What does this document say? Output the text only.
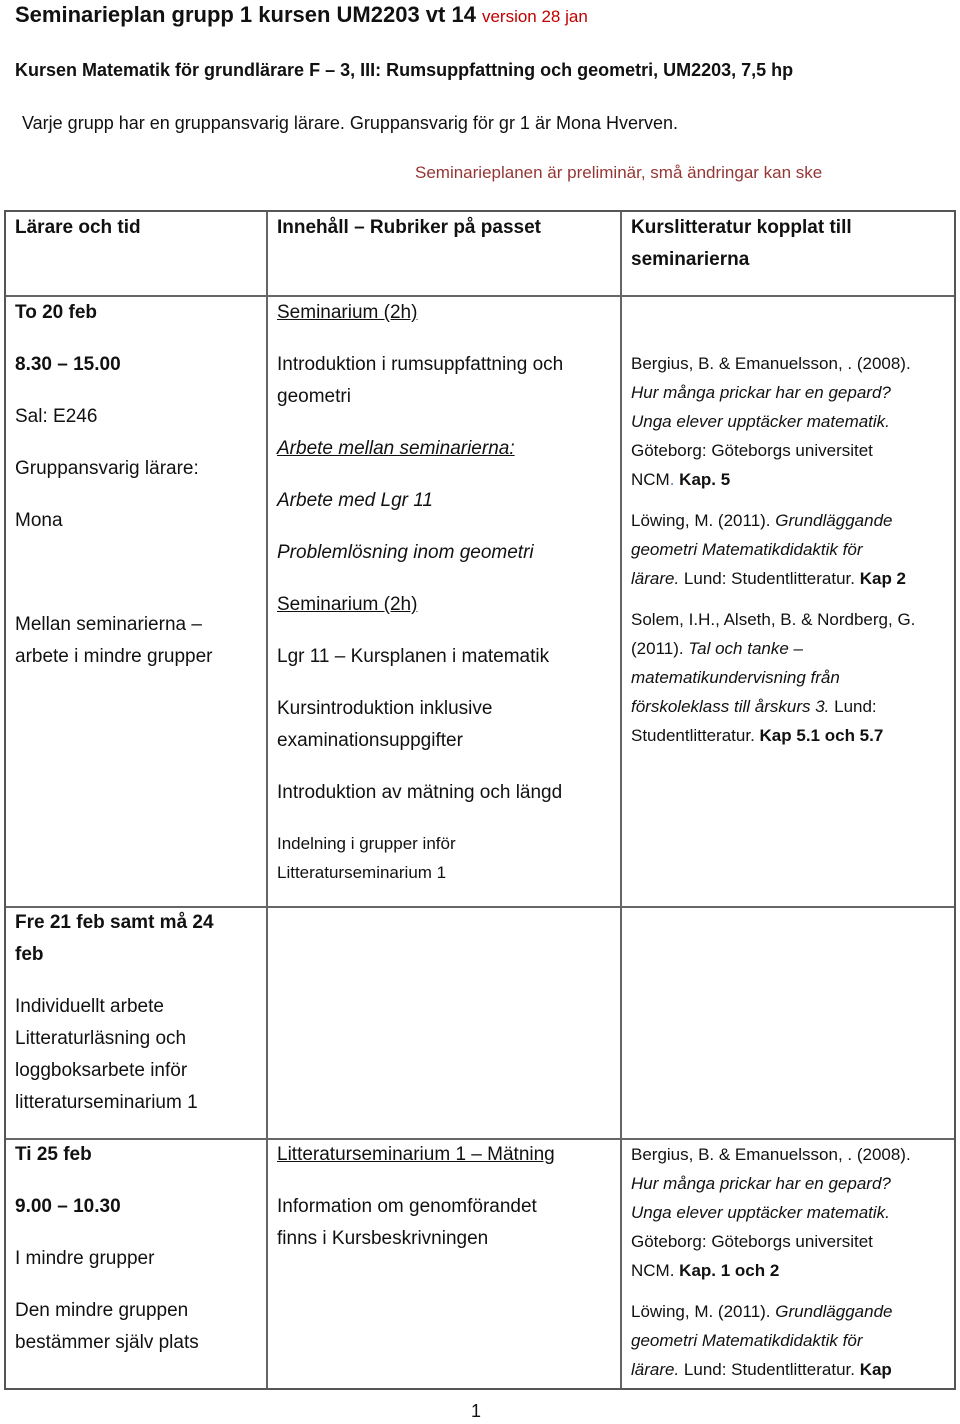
Seminarieplan grupp 1 kursen UM2203 vt 14 version 28 jan
Kursen Matematik för grundlärare F – 3, III: Rumsuppfattning och geometri, UM2203, 7,5 hp
Varje grupp har en gruppansvarig lärare. Gruppansvarig för gr 1 är Mona Hverven.
Seminarieplanen är preliminär, små ändringar kan ske
Lärare och tid	Innehåll – Rubriker på passet	Kurslitteratur kopplat till

seminarierna

To 20 feb

8.30 – 15.00

Sal: E246

Gruppansvarig lärare:

Mona

Mellan seminarierna –

arbete i mindre grupper

Seminarium (2h)

Introduktion i rumsuppfattning och

geometri

Arbete mellan seminarierna:

Arbete med Lgr 11

Problemlösning inom geometri

Seminarium (2h)

Lgr 11 – Kursplanen i matematik

Kursintroduktion inklusive

examinationsuppgifter

Introduktion av mätning och längd

Indelning i grupper inför

Litteraturseminarium 1

Bergius, B. & Emanuelsson, . (2008).

Hur många prickar har en gepard?

Unga elever upptäcker matematik.

Göteborg: Göteborgs universitet

NCM. Kap. 5

Löwing, M. (2011). Grundläggande

geometri Matematikdidaktik för

lärare. Lund: Studentlitteratur. Kap 2

Solem, I.H., Alseth, B. & Nordberg, G.

(2011). Tal och tanke –

matematikundervisning från

förskoleklass till årskurs 3. Lund:

Studentlitteratur. Kap 5.1 och 5.7

Fre 21 feb samt må 24

feb

Individuellt arbete

Litteraturläsning och

loggboksarbete inför

litteraturseminarium 1

Ti 25 feb

9.00 – 10.30

I mindre grupper

Den mindre gruppen

bestämmer själv plats

Litteraturseminarium 1 – Mätning

Information om genomförandet

finns i Kursbeskrivningen

Bergius, B. & Emanuelsson, . (2008).

Hur många prickar har en gepard?

Unga elever upptäcker matematik.

Göteborg: Göteborgs universitet

NCM. Kap. 1 och 2

Löwing, M. (2011). Grundläggande

geometri Matematikdidaktik för

lärare. Lund: Studentlitteratur. Kap

1
